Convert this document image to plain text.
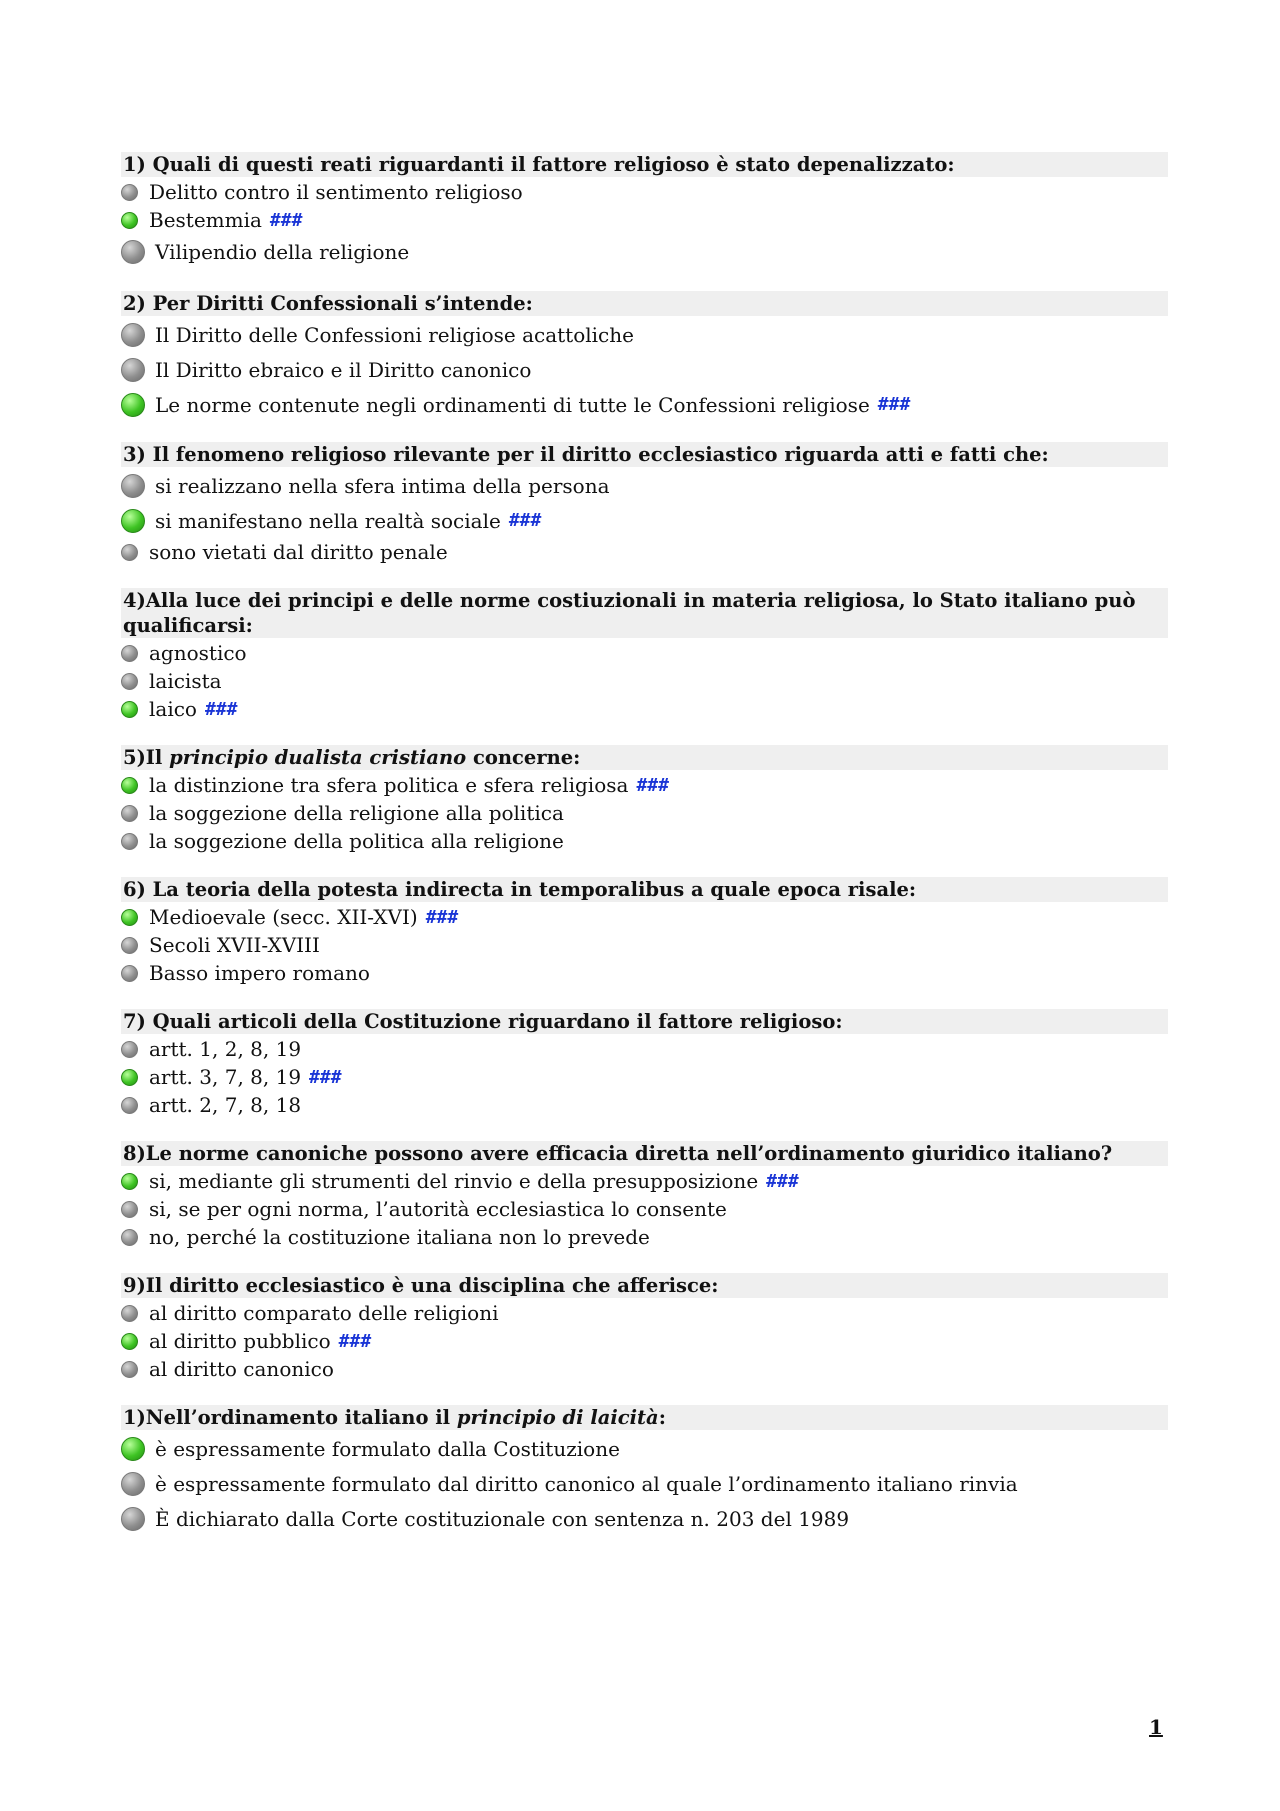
1) Quali di questi reati riguardanti il fattore religioso è stato depenalizzato:
Delitto contro il sentimento religioso
Bestemmia ###
Vilipendio della religione
2) Per Diritti Confessionali s’intende:
Il Diritto delle Confessioni religiose acattoliche
Il Diritto ebraico e il Diritto canonico
Le norme contenute negli ordinamenti di tutte le Confessioni religiose ###
3) Il fenomeno religioso rilevante per il diritto ecclesiastico riguarda atti e fatti che:
si realizzano nella sfera intima della persona
si manifestano nella realtà sociale ###
sono vietati dal diritto penale
4)Alla luce dei principi e delle norme costiuzionali in materia religiosa, lo Stato italiano può qualificarsi:
agnostico
laicista
laico ###
5)Il principio dualista cristiano concerne:
la distinzione tra sfera politica e sfera religiosa ###
la soggezione della religione alla politica
la soggezione della politica alla religione
6) La teoria della potesta indirecta in temporalibus a quale epoca risale:
Medioevale (secc. XII-XVI) ###
Secoli XVII-XVIII
Basso impero romano
7) Quali articoli della Costituzione riguardano il fattore religioso:
artt. 1, 2, 8, 19
artt. 3, 7, 8, 19 ###
artt. 2, 7, 8, 18
8)Le norme canoniche possono avere efficacia diretta nell’ordinamento giuridico italiano?
si, mediante gli strumenti del rinvio e della presupposizione ###
si, se per ogni norma, l’autorità ecclesiastica lo consente
no, perché la costituzione italiana non lo prevede
9)Il diritto ecclesiastico è una disciplina che afferisce:
al diritto comparato delle religioni
al diritto pubblico ###
al diritto canonico
1)Nell’ordinamento italiano il principio di laicità:
è espressamente formulato dalla Costituzione
è espressamente formulato dal diritto canonico al quale l’ordinamento italiano rinvia
È dichiarato dalla Corte costituzionale con sentenza n. 203 del 1989
1
